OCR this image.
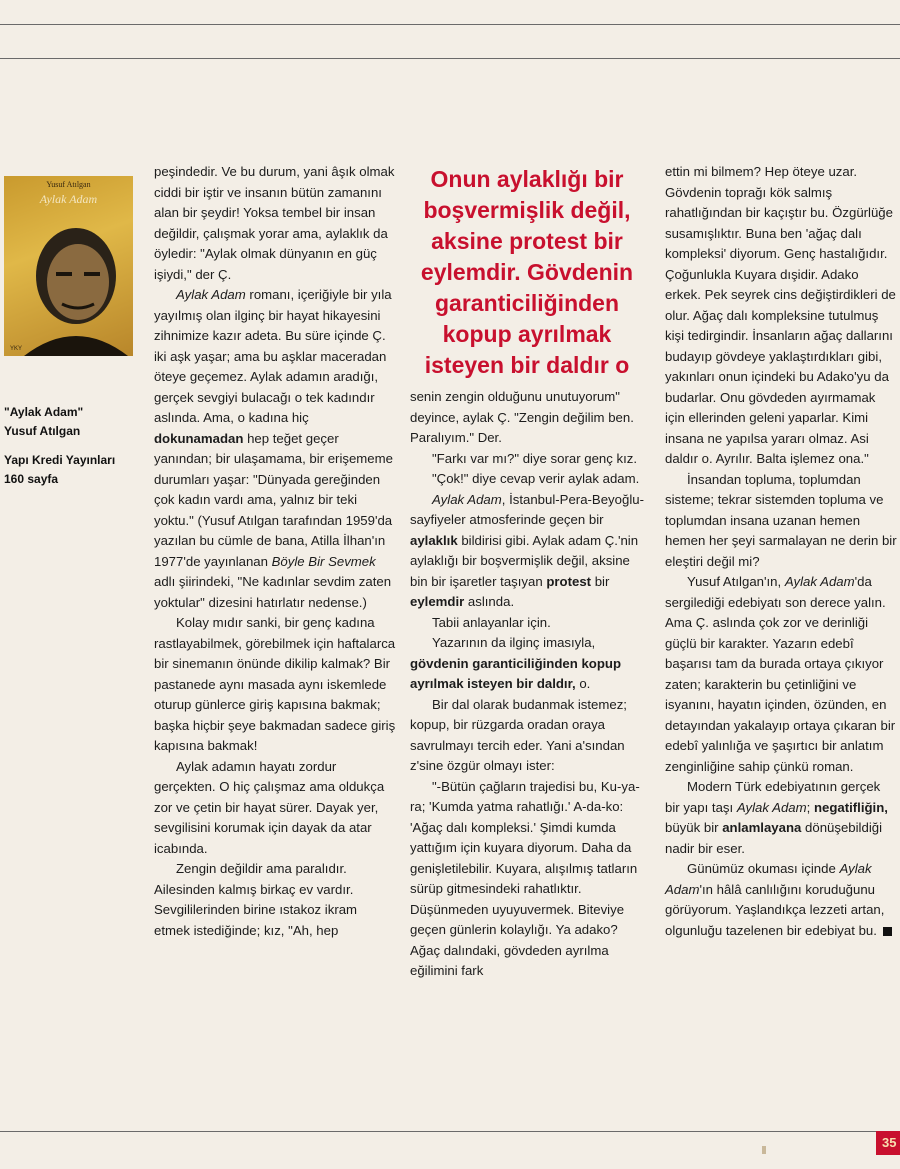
Yusuf Atılgan
Aylak Adam
YKY
"Aylak Adam"
Yusuf Atılgan
Yapı Kredi Yayınları
160 sayfa

peşindedir. Ve bu durum, yani âşık olmak ciddi bir iştir ve insanın bütün zamanını alan bir şeydir! Yoksa tembel bir insan değildir, çalışmak yorar ama, aylaklık da öyledir: "Aylak olmak dünyanın en güç işiydi," der Ç.

Aylak Adam romanı, içeriğiyle bir yıla yayılmış olan ilginç bir hayat hikayesini zihnimize kazır adeta. Bu süre içinde Ç. iki aşk yaşar; ama bu aşklar maceradan öteye geçemez. Aylak adamın aradığı, gerçek sevgiyi bulacağı o tek kadındır aslında. Ama, o kadına hiç dokunamadan hep teğet geçer yanından; bir ulaşamama, bir erişememe durumları yaşar: "Dünyada gereğinden çok kadın vardı ama, yalnız bir teki yoktu." (Yusuf Atılgan tarafından 1959'da yazılan bu cümle de bana, Atilla İlhan'ın 1977'de yayınlanan Böyle Bir Sevmek adlı şiirindeki, "Ne kadınlar sevdim zaten yoktular" dizesini hatırlatır nedense.)

Kolay mıdır sanki, bir genç kadına rastlayabilmek, görebilmek için haftalarca bir sinemanın önünde dikilip kalmak? Bir pastanede aynı masada aynı iskemlede oturup günlerce giriş kapısına bakmak; başka hiçbir şeye bakmadan sadece giriş kapısına bakmak!

Aylak adamın hayatı zordur gerçekten. O hiç çalışmaz ama oldukça zor ve çetin bir hayat sürer. Dayak yer, sevgilisini korumak için dayak da atar icabında.

Zengin değildir ama paralıdır. Ailesinden kalmış birkaç ev vardır. Sevgililerinden birine ıstakoz ikram etmek istediğinde; kız, "Ah, hep

Onun aylaklığı bir
boşvermişlik değil,
aksine protest bir
eylemdir. Gövdenin
garanticiliğinden
kopup ayrılmak
isteyen bir daldır o

senin zengin olduğunu unutuyorum" deyince, aylak Ç. "Zengin değilim ben. Paralıyım." Der.

"Farkı var mı?" diye sorar genç kız.

"Çok!" diye cevap verir aylak adam.

Aylak Adam, İstanbul-Pera-Beyoğlu-sayfiyeler atmosferinde geçen bir aylaklık bildirisi gibi. Aylak adam Ç.'nin aylaklığı bir boşvermişlik değil, aksine bin bir işaretler taşıyan protest bir eylemdir aslında.

Tabii anlayanlar için.

Yazarının da ilginç imasıyla, gövdenin garanticiliğinden kopup ayrılmak isteyen bir daldır, o.

Bir dal olarak budanmak istemez; kopup, bir rüzgarda oradan oraya savrulmayı tercih eder. Yani a'sından z'sine özgür olmayı ister:

"-Bütün çağların trajedisi bu, Ku-ya-ra; 'Kumda yatma rahatlığı.' A-da-ko: 'Ağaç dalı kompleksi.' Şimdi kumda yattığım için kuyara diyorum. Daha da genişletilebilir. Kuyara, alışılmış tatların sürüp gitmesindeki rahatlıktır. Düşünmeden uyuyuvermek. Biteviye geçen günlerin kolaylığı. Ya adako? Ağaç dalındaki, gövdeden ayrılma eğilimini fark

ettin mi bilmem? Hep öteye uzar. Gövdenin toprağı kök salmış rahatlığından bir kaçıştır bu. Özgürlüğe susamışlıktır. Buna ben 'ağaç dalı kompleksi' diyorum. Genç hastalığıdır. Çoğunlukla Kuyara dışidir. Adako erkek. Pek seyrek cins değiştirdikleri de olur. Ağaç dalı kompleksine tutulmuş kişi tedirgindir. İnsanların ağaç dallarını budayıp gövdeye yaklaştırdıkları gibi, yakınları onun içindeki bu Adako'yu da budarlar. Onu gövdeden ayırmamak için ellerinden geleni yaparlar. Kimi insana ne yapılsa yararı olmaz. Asi daldır o. Ayrılır. Balta işlemez ona."

İnsandan topluma, toplumdan sisteme; tekrar sistemden topluma ve toplumdan insana uzanan hemen hemen her şeyi sarmalayan ne derin bir eleştiri değil mi?

Yusuf Atılgan'ın, Aylak Adam'da sergilediği edebiyatı son derece yalın. Ama Ç. aslında çok zor ve derinliği güçlü bir karakter. Yazarın edebî başarısı tam da burada ortaya çıkıyor zaten; karakterin bu çetinliğini ve isyanını, hayatın içinden, özünden, en detayından yakalayıp ortaya çıkaran bir edebî yalınlığa ve şaşırtıcı bir anlatım zenginliğine sahip çünkü roman.

Modern Türk edebiyatının gerçek bir yapı taşı Aylak Adam; negatifliğin, büyük bir anlamlayana dönüşebildiği nadir bir eser.

Günümüz okuması içinde Aylak Adam'ın hâlâ canlılığını koruduğunu görüyorum. Yaşlandıkça lezzeti artan, olgunluğu tazelenen bir edebiyat bu.

35
